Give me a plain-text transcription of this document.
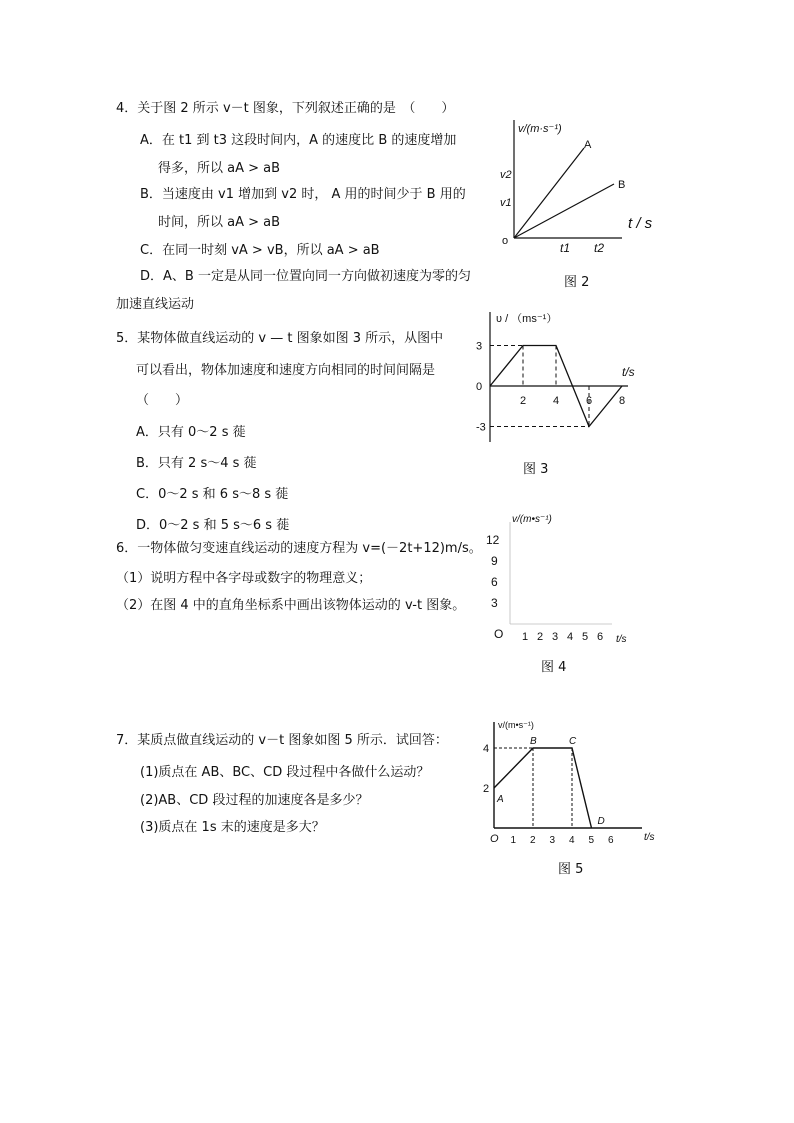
4．关于图 2 所示 v－t 图象，下列叙述正确的是　（　　）
A．在 t1 到 t3 这段时间内，A 的速度比 B 的速度增加
得多，所以 aA > aB
B．当速度由 v1 增加到 v2 时， A 用的时间少于 B 用的
时间，所以 aA > aB
C．在同一时刻 vA > vB，所以 aA > aB
D．A、B 一定是从同一位置向同一方向做初速度为零的匀
加速直线运动
v/(m·s⁻¹)
A
B
v2
v1
o	t1 t2
t / s
图 2
5．某物体做直线运动的 v — t 图象如图 3 所示，从图中
可以看出，物体加速度和速度方向相同的时间间隔是
（　　）
A．只有 0～2 s 蓰
B．只有 2 s～4 s 蓰
C．0～2 s 和 6 s～8 s 蓰
D．0～2 s 和 5 s～6 s 蓰
υ / （ms⁻¹）
t/s
0
3
-3
2 4 6 8
图 3
6．一物体做匀变速直线运动的速度方程为 v=(－2t+12)m/s。
（1）说明方程中各字母或数字的物理意义；
（2）在图 4 中的直角坐标系中画出该物体运动的 v-t 图象。
v/(m•s⁻¹)
t/s
O
12
9
6
3
1 2 3 4 5 6
图 4
7．某质点做直线运动的 v－t 图象如图 5 所示．试回答：
(1)质点在 AB、BC、CD 段过程中各做什么运动？
(2)AB、CD 段过程的加速度各是多少？
(3)质点在 1s 末的速度是多大？
v/(m•s⁻¹)
t/s
O
4
2
1 2 3 4 5 6
A
B	C
D
图 5
